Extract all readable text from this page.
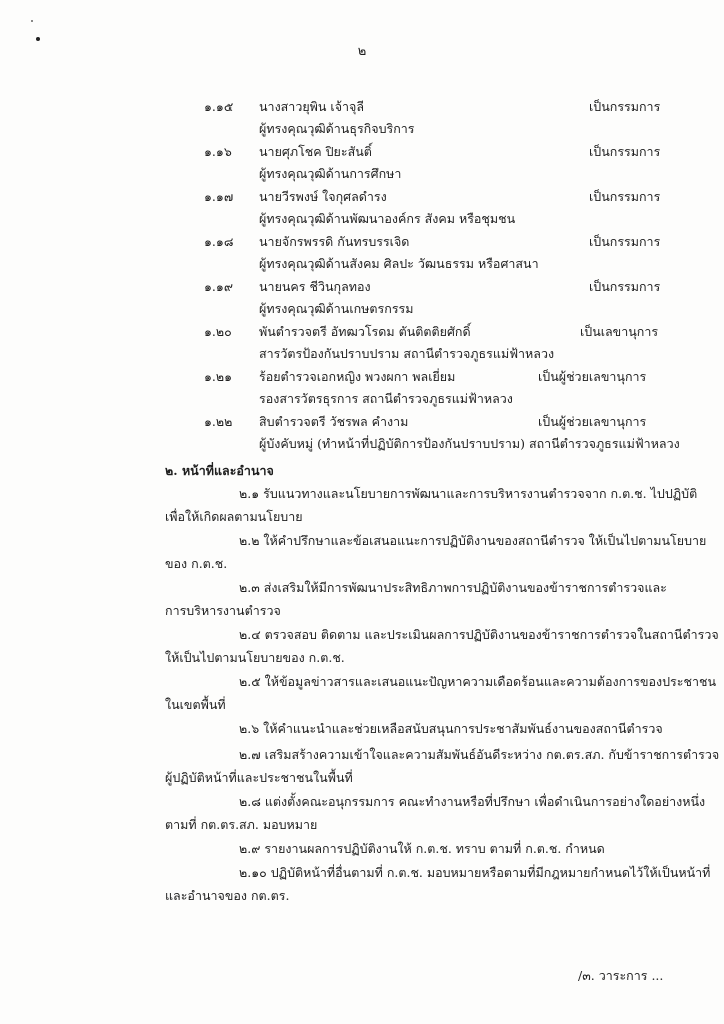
๒
๑.๑๕ นางสาวยุพิน เจ้าจุลี	เป็นกรรมการ
ผู้ทรงคุณวุฒิด้านธุรกิจบริการ
๑.๑๖ นายศุภโชค ปิยะสันติ์	เป็นกรรมการ
ผู้ทรงคุณวุฒิด้านการศึกษา
๑.๑๗ นายวีรพงษ์ ใจกุศลดำรง	เป็นกรรมการ
ผู้ทรงคุณวุฒิด้านพัฒนาองค์กร สังคม หรือชุมชน
๑.๑๘ นายจักรพรรดิ กันทรบรรเจิด	เป็นกรรมการ
ผู้ทรงคุณวุฒิด้านสังคม ศิลปะ วัฒนธรรม หรือศาสนา
๑.๑๙ นายนคร ชีวินกุลทอง	เป็นกรรมการ
ผู้ทรงคุณวุฒิด้านเกษตรกรรม
๑.๒๐ พันตำรวจตรี อัทฒวโรดม ตันติตติยศักดิ์	เป็นเลขานุการ
สารวัตรป้องกันปราบปราม สถานีตำรวจภูธรแม่ฟ้าหลวง
๑.๒๑ ร้อยตำรวจเอกหญิง พวงผกา พลเยี่ยม	เป็นผู้ช่วยเลขานุการ
รองสารวัตรธุรการ สถานีตำรวจภูธรแม่ฟ้าหลวง
๑.๒๒ สิบตำรวจตรี วัชรพล คำงาม	เป็นผู้ช่วยเลขานุการ
ผู้บังคับหมู่ (ทำหน้าที่ปฏิบัติการป้องกันปราบปราม) สถานีตำรวจภูธรแม่ฟ้าหลวง
๒. หน้าที่และอำนาจ
๒.๑ รับแนวทางและนโยบายการพัฒนาและการบริหารงานตำรวจจาก ก.ต.ช. ไปปฏิบัติ
เพื่อให้เกิดผลตามนโยบาย
๒.๒ ให้คำปรึกษาและข้อเสนอแนะการปฏิบัติงานของสถานีตำรวจ ให้เป็นไปตามนโยบาย
ของ ก.ต.ช.
๒.๓ ส่งเสริมให้มีการพัฒนาประสิทธิภาพการปฏิบัติงานของข้าราชการตำรวจและ
การบริหารงานตำรวจ
๒.๔ ตรวจสอบ ติดตาม และประเมินผลการปฏิบัติงานของข้าราชการตำรวจในสถานีตำรวจ
ให้เป็นไปตามนโยบายของ ก.ต.ช.
๒.๕ ให้ข้อมูลข่าวสารและเสนอแนะปัญหาความเดือดร้อนและความต้องการของประชาชน
ในเขตพื้นที่
๒.๖ ให้คำแนะนำและช่วยเหลือสนับสนุนการประชาสัมพันธ์งานของสถานีตำรวจ
๒.๗ เสริมสร้างความเข้าใจและความสัมพันธ์อันดีระหว่าง กต.ตร.สภ. กับข้าราชการตำรวจ
ผู้ปฏิบัติหน้าที่และประชาชนในพื้นที่
๒.๘ แต่งตั้งคณะอนุกรรมการ คณะทำงานหรือที่ปรึกษา เพื่อดำเนินการอย่างใดอย่างหนึ่ง
ตามที่ กต.ตร.สภ. มอบหมาย
๒.๙ รายงานผลการปฏิบัติงานให้ ก.ต.ช. ทราบ ตามที่ ก.ต.ช. กำหนด
๒.๑๐ ปฏิบัติหน้าที่อื่นตามที่ ก.ต.ช. มอบหมายหรือตามที่มีกฎหมายกำหนดไว้ให้เป็นหน้าที่
และอำนาจของ กต.ตร.
/๓. วาระการ ...
